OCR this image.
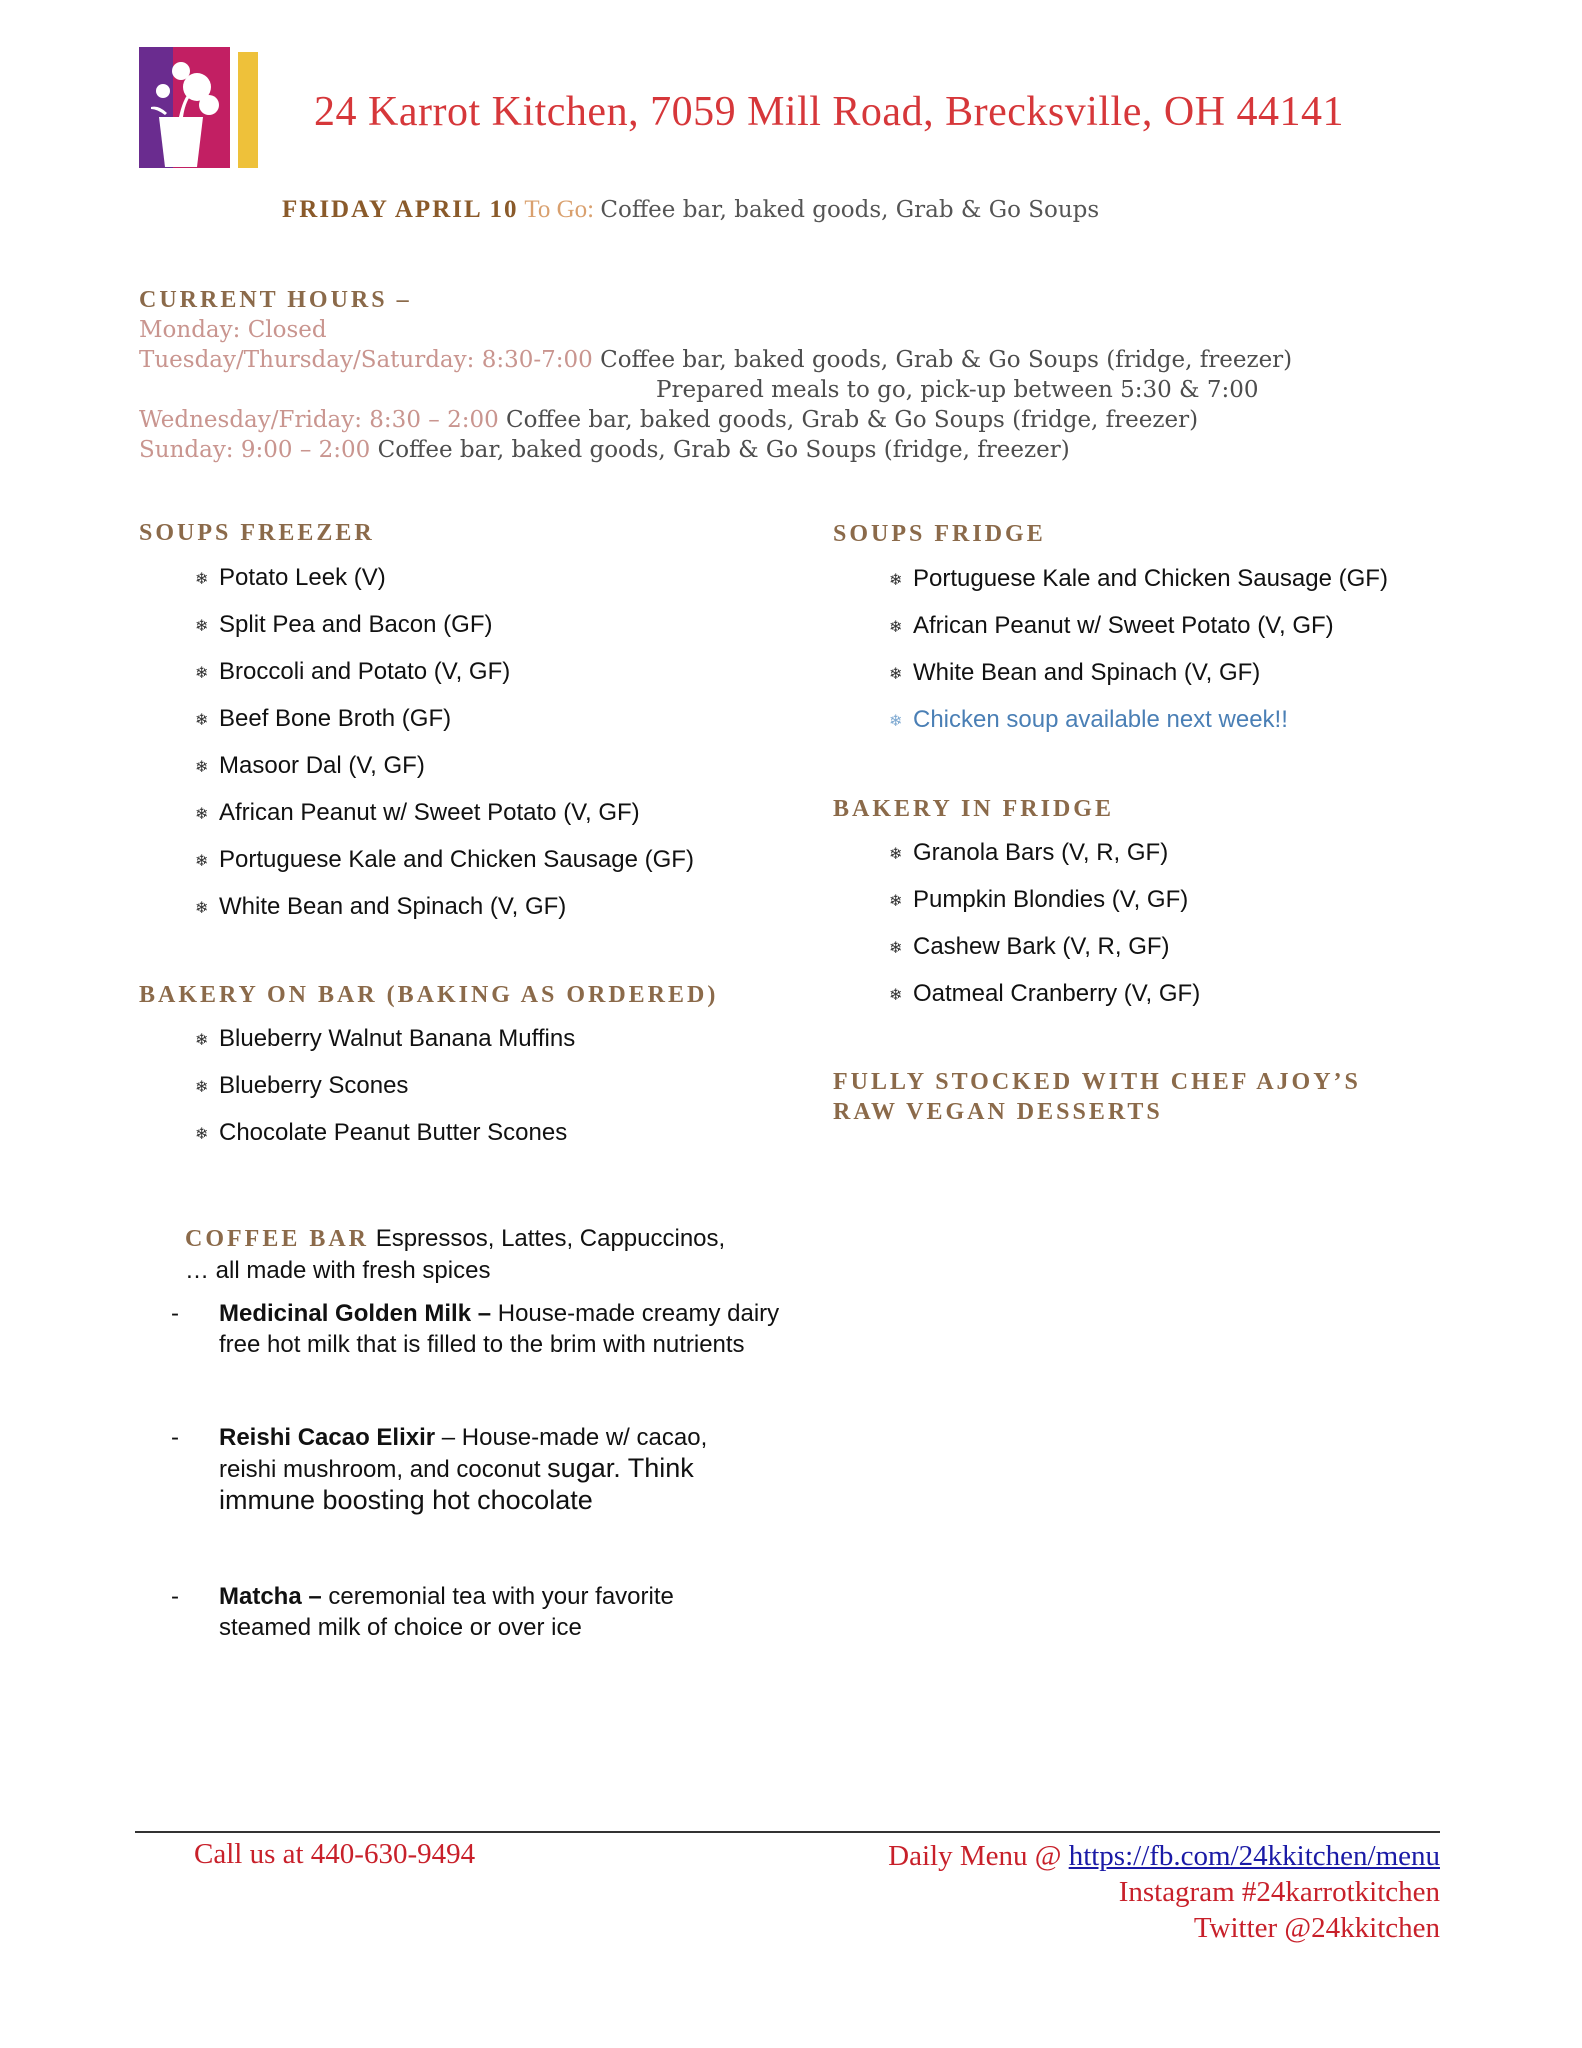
24 Karrot Kitchen, 7059 Mill Road, Brecksville, OH 44141
FRIDAY APRIL 10 To Go: Coffee bar, baked goods, Grab & Go Soups
CURRENT HOURS –
Monday: Closed
Tuesday/Thursday/Saturday: 8:30-7:00 Coffee bar, baked goods, Grab & Go Soups (fridge, freezer)
Prepared meals to go, pick-up between 5:30 & 7:00
Wednesday/Friday: 8:30 – 2:00 Coffee bar, baked goods, Grab & Go Soups (fridge, freezer)
Sunday: 9:00 – 2:00 Coffee bar, baked goods, Grab & Go Soups (fridge, freezer)
SOUPS FREEZER
❄ Potato Leek (V)
❄ Split Pea and Bacon (GF)
❄ Broccoli and Potato (V, GF)
❄ Beef Bone Broth (GF)
❄ Masoor Dal (V, GF)
❄ African Peanut w/ Sweet Potato (V, GF)
❄ Portuguese Kale and Chicken Sausage (GF)
❄ White Bean and Spinach (V, GF)
SOUPS FRIDGE
❄ Portuguese Kale and Chicken Sausage (GF)
❄ African Peanut w/ Sweet Potato (V, GF)
❄ White Bean and Spinach (V, GF)
❄ Chicken soup available next week!!
BAKERY IN FRIDGE
❄ Granola Bars (V, R, GF)
❄ Pumpkin Blondies (V, GF)
❄ Cashew Bark (V, R, GF)
❄ Oatmeal Cranberry (V, GF)
BAKERY ON BAR (BAKING AS ORDERED)
❄ Blueberry Walnut Banana Muffins
❄ Blueberry Scones
❄ Chocolate Peanut Butter Scones
FULLY STOCKED WITH CHEF AJOY’S
RAW VEGAN DESSERTS
COFFEE BAR Espressos, Lattes, Cappuccinos,
… all made with fresh spices
- Medicinal Golden Milk – House-made creamy dairy free hot milk that is filled to the brim with nutrients
- Reishi Cacao Elixir – House-made w/ cacao, reishi mushroom, and coconut sugar. Think immune boosting hot chocolate
- Matcha – ceremonial tea with your favorite steamed milk of choice or over ice
Call us at 440-630-9494	Daily Menu @ https://fb.com/24kkitchen/menu
Instagram #24karrotkitchen
Twitter @24kkitchen
